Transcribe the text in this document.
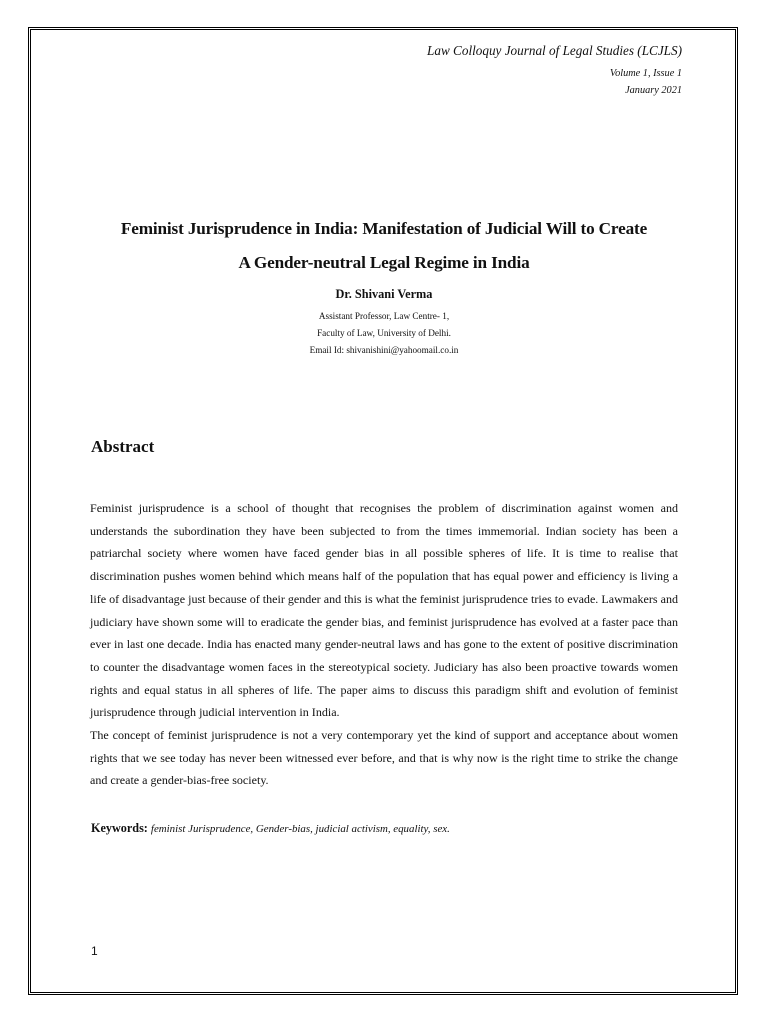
Law Colloquy Journal of Legal Studies (LCJLS)
Volume 1, Issue 1
January 2021
Feminist Jurisprudence in India: Manifestation of Judicial Will to Create
A Gender-neutral Legal Regime in India
Dr. Shivani Verma
Assistant Professor, Law Centre- 1,
Faculty of Law, University of Delhi.
Email Id: shivanishini@yahoomail.co.in
Abstract

Feminist jurisprudence is a school of thought that recognises the problem of discrimination against women and understands the subordination they have been subjected to from the times immemorial. Indian society has been a patriarchal society where women have faced gender bias in all possible spheres of life. It is time to realise that discrimination pushes women behind which means half of the population that has equal power and efficiency is living a life of disadvantage just because of their gender and this is what the feminist jurisprudence tries to evade. Lawmakers and judiciary have shown some will to eradicate the gender bias, and feminist jurisprudence has evolved at a faster pace than ever in last one decade. India has enacted many gender-neutral laws and has gone to the extent of positive discrimination to counter the disadvantage women faces in the stereotypical society. Judiciary has also been proactive towards women rights and equal status in all spheres of life. The paper aims to discuss this paradigm shift and evolution of feminist jurisprudence through judicial intervention in India.

The concept of feminist jurisprudence is not a very contemporary yet the kind of support and acceptance about women rights that we see today has never been witnessed ever before, and that is why now is the right time to strike the change and create a gender-bias-free society.

Keywords: feminist Jurisprudence, Gender-bias, judicial activism, equality, sex.
1
